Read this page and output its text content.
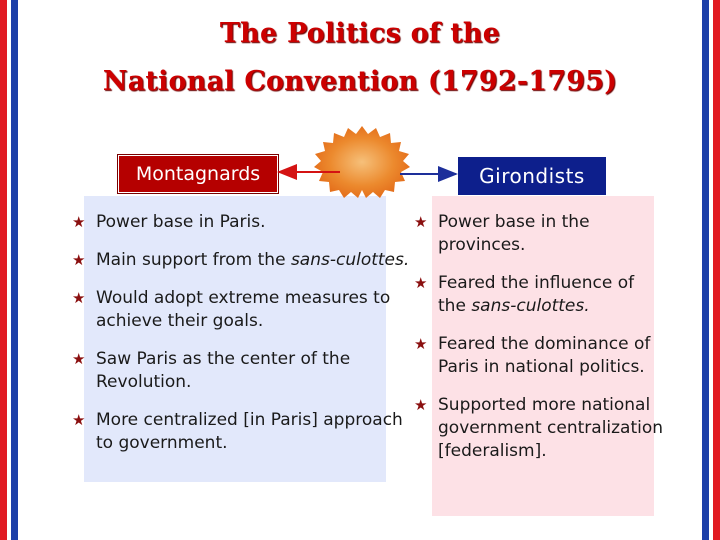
The Politics of the
National Convention (1792-1795)
Montagnards	Girondists
★ Power base in Paris.
★ Main support from the sans-culottes.
★ Would adopt extreme measures to achieve their goals.
★ Saw Paris as the center of the Revolution.
★ More centralized [in Paris] approach to government.
★ Power base in the provinces.
★ Feared the influence of the sans-culottes.
★ Feared the dominance of Paris in national politics.
★ Supported more national government centralization [federalism].
